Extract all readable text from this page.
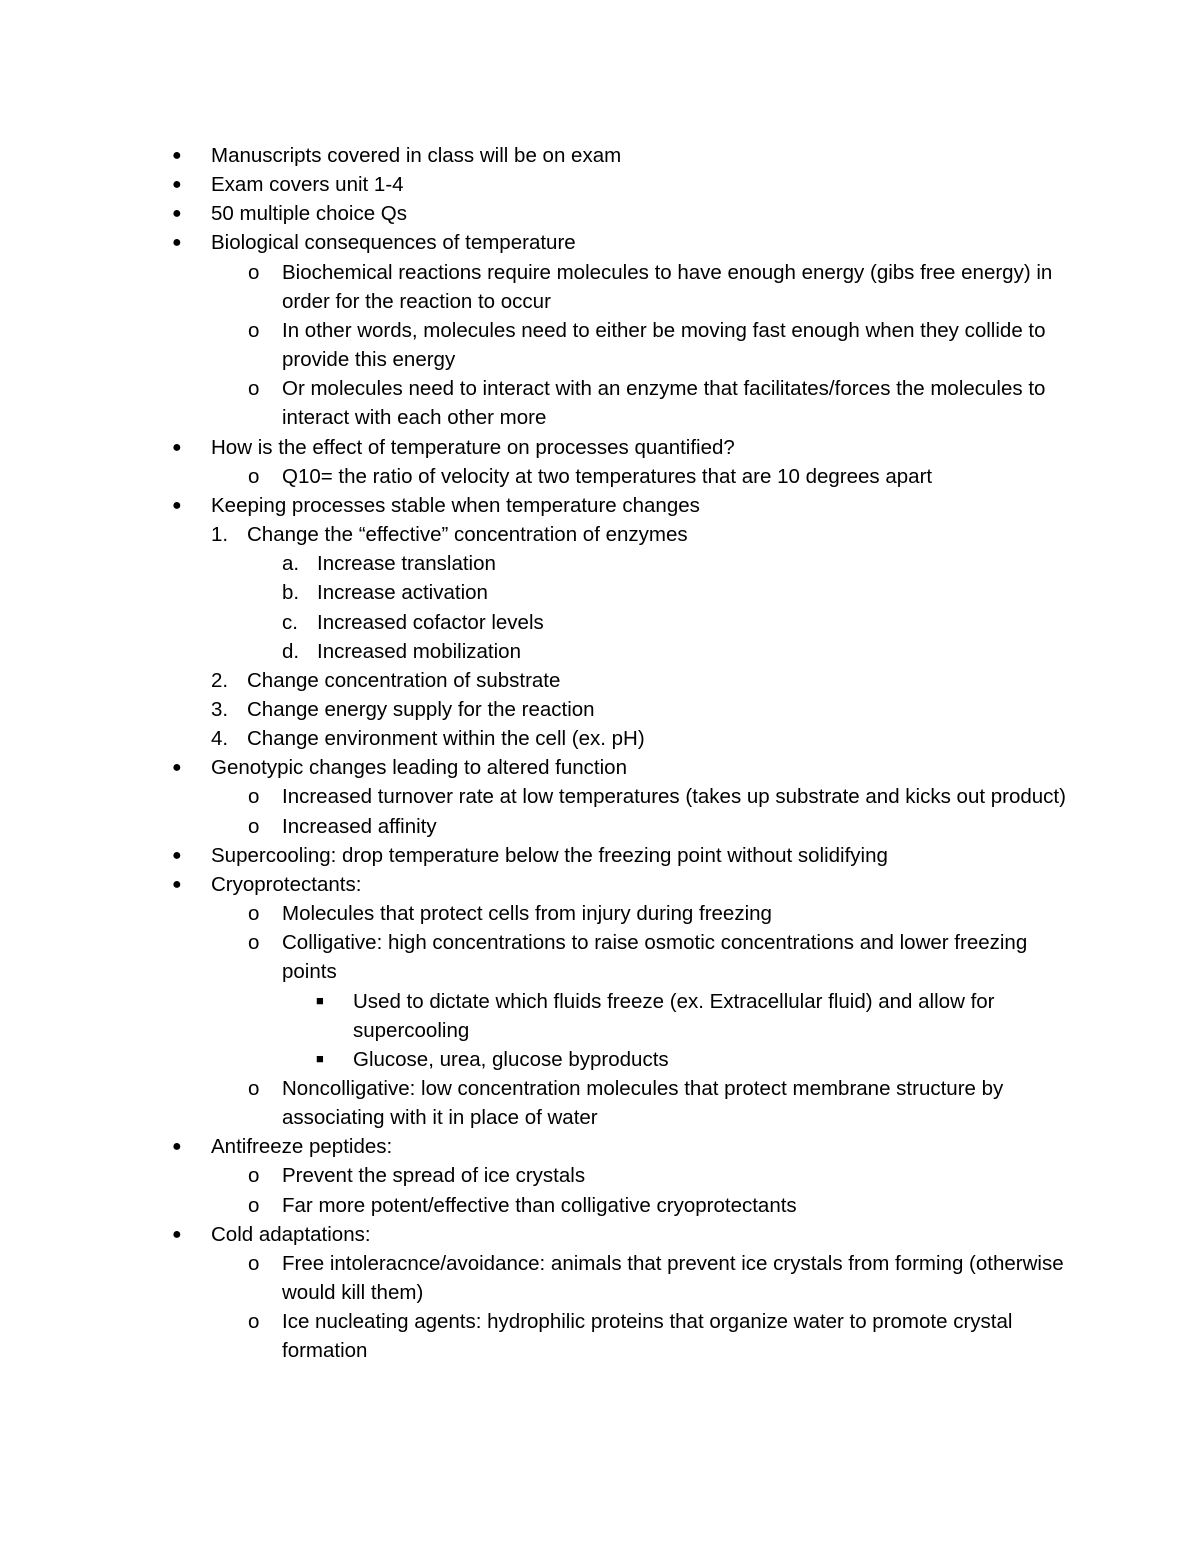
●	Manuscripts covered in class will be on exam
●	Exam covers unit 1-4
●	50 multiple choice Qs
●	Biological consequences of temperature
o Biochemical reactions require molecules to have enough energy (gibs free energy) in order for the reaction to occur
o In other words, molecules need to either be moving fast enough when they collide to provide this energy
o Or molecules need to interact with an enzyme that facilitates/forces the molecules to interact with each other more
●	How is the effect of temperature on processes quantified?
o Q10= the ratio of velocity at two temperatures that are 10 degrees apart
●	Keeping processes stable when temperature changes
1. Change the “effective” concentration of enzymes
a. Increase translation
b. Increase activation
c. Increased cofactor levels
d. Increased mobilization
2. Change concentration of substrate
3. Change energy supply for the reaction
4. Change environment within the cell (ex. pH)
●	Genotypic changes leading to altered function
o Increased turnover rate at low temperatures (takes up substrate and kicks out product)
o Increased affinity
●	Supercooling: drop temperature below the freezing point without solidifying
●	Cryoprotectants:
o Molecules that protect cells from injury during freezing
o Colligative: high concentrations to raise osmotic concentrations and lower freezing points
■	Used to dictate which fluids freeze (ex. Extracellular fluid) and allow for supercooling
■	Glucose, urea, glucose byproducts
o Noncolligative: low concentration molecules that protect membrane structure by associating with it in place of water
●	Antifreeze peptides:
o Prevent the spread of ice crystals
o Far more potent/effective than colligative cryoprotectants
●	Cold adaptations:
o Free intoleracnce/avoidance: animals that prevent ice crystals from forming (otherwise would kill them)
o Ice nucleating agents: hydrophilic proteins that organize water to promote crystal formation
